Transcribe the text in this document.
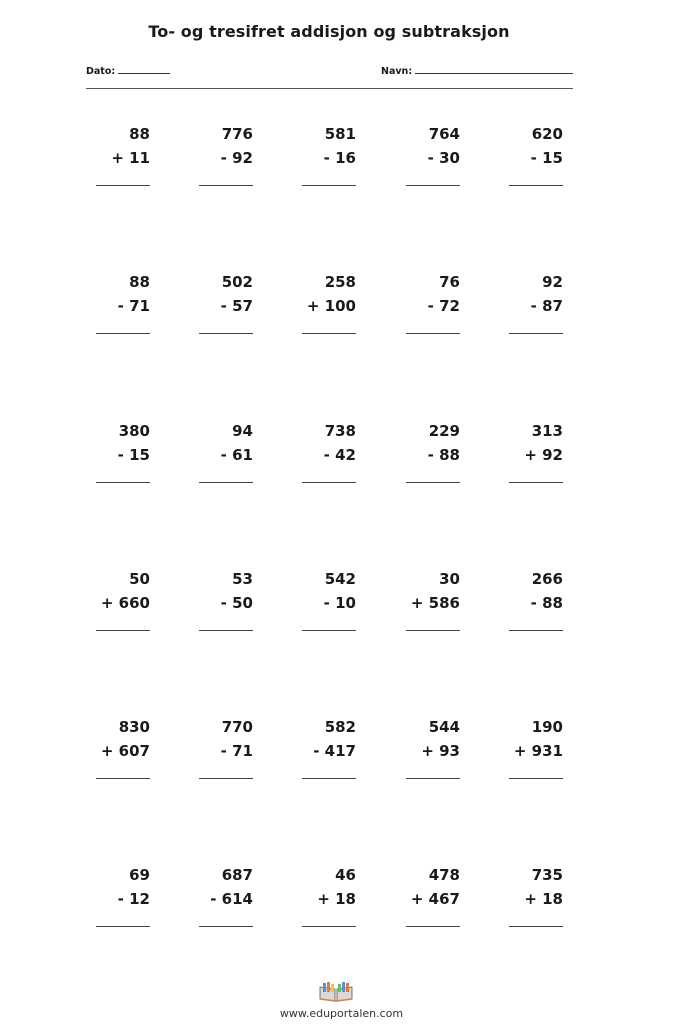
To- og tresifret addisjon og subtraksjon
Dato:	Navn:
88
+ 11
776
- 92
581
- 16
764
- 30
620
- 15
88
- 71
502
- 57
258
+ 100
76
- 72
92
- 87
380
- 15
94
- 61
738
- 42
229
- 88
313
+ 92
50
+ 660
53
- 50
542
- 10
30
+ 586
266
- 88
830
+ 607
770
- 71
582
- 417
544
+ 93
190
+ 931
69
- 12
687
- 614
46
+ 18
478
+ 467
735
+ 18
www.eduportalen.com
